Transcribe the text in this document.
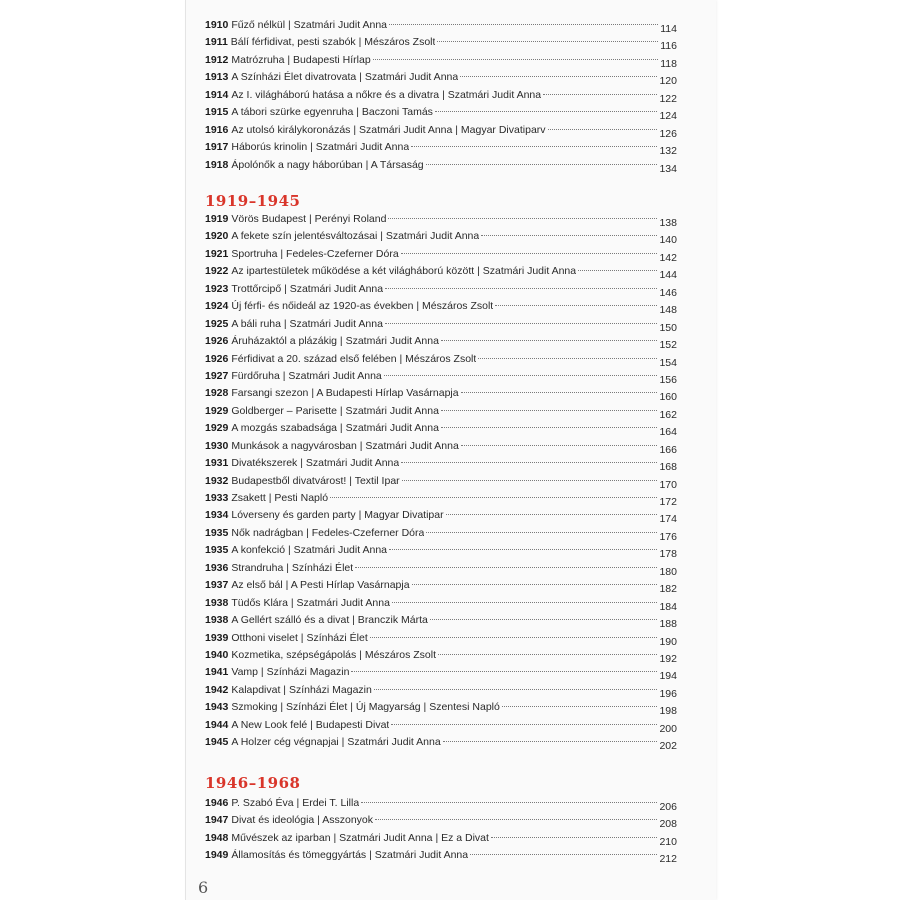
1910 Fűző nélkül | Szatmári Judit Anna	114
1911 Bálí férfidivat, pesti szabók | Mészáros Zsolt	116
1912 Matrózruha | Budapesti Hírlap	118
1913 A Színházi Élet divatrovata | Szatmári Judit Anna	120
1914 Az I. világháború hatása a nőkre és a divatra | Szatmári Judit Anna	122
1915 A tábori szürke egyenruha | Baczoni Tamás	124
1916 Az utolsó királykoronázás | Szatmári Judit Anna | Magyar Divatiparv	126
1917 Háborús krinolin | Szatmári Judit Anna	132
1918 Ápolónők a nagy háborúban | A Társaság	134
1919–1945
1919 Vörös Budapest | Perényi Roland	138
1920 A fekete szín jelentésváltozásai | Szatmári Judit Anna	140
1921 Sportruha | Fedeles-Czeferner Dóra	142
1922 Az ipartestületek működése a két világháború között | Szatmári Judit Anna	144
1923 Trottőrcipő | Szatmári Judit Anna	146
1924 Új férfi- és nőideál az 1920-as években | Mészáros Zsolt	148
1925 A báli ruha | Szatmári Judit Anna	150
1926 Áruházaktól a plázákig | Szatmári Judit Anna	152
1926 Férfidivat a 20. század első felében | Mészáros Zsolt	154
1927 Fürdőruha | Szatmári Judit Anna	156
1928 Farsangi szezon | A Budapesti Hírlap Vasárnapja	160
1929 Goldberger – Parisette | Szatmári Judit Anna	162
1929 A mozgás szabadsága | Szatmári Judit Anna	164
1930 Munkások a nagyvárosban | Szatmári Judit Anna	166
1931 Divatékszerek | Szatmári Judit Anna	168
1932 Budapestből divatvárost! | Textil Ipar	170
1933 Zsakett | Pesti Napló	172
1934 Lóverseny és garden party | Magyar Divatipar	174
1935 Nők nadrágban | Fedeles-Czeferner Dóra	176
1935 A konfekció | Szatmári Judit Anna	178
1936 Strandruha | Színházi Élet	180
1937 Az első bál | A Pesti Hírlap Vasárnapja	182
1938 Tüdős Klára | Szatmári Judit Anna	184
1938 A Gellért szálló és a divat | Branczik Márta	188
1939 Otthoni viselet | Színházi Élet	190
1940 Kozmetika, szépségápolás | Mészáros Zsolt	192
1941 Vamp | Színházi Magazin	194
1942 Kalapdivat | Színházi Magazin	196
1943 Szmoking | Színházi Élet | Új Magyarság | Szentesi Napló	198
1944 A New Look felé | Budapesti Divat	200
1945 A Holzer cég végnapjai | Szatmári Judit Anna	202
1946–1968
1946 P. Szabó Éva | Erdei T. Lilla	206
1947 Divat és ideológia | Asszonyok	208
1948 Művészek az iparban | Szatmári Judit Anna | Ez a Divat	210
1949 Államosítás és tömeggyártás | Szatmári Judit Anna	212
6
